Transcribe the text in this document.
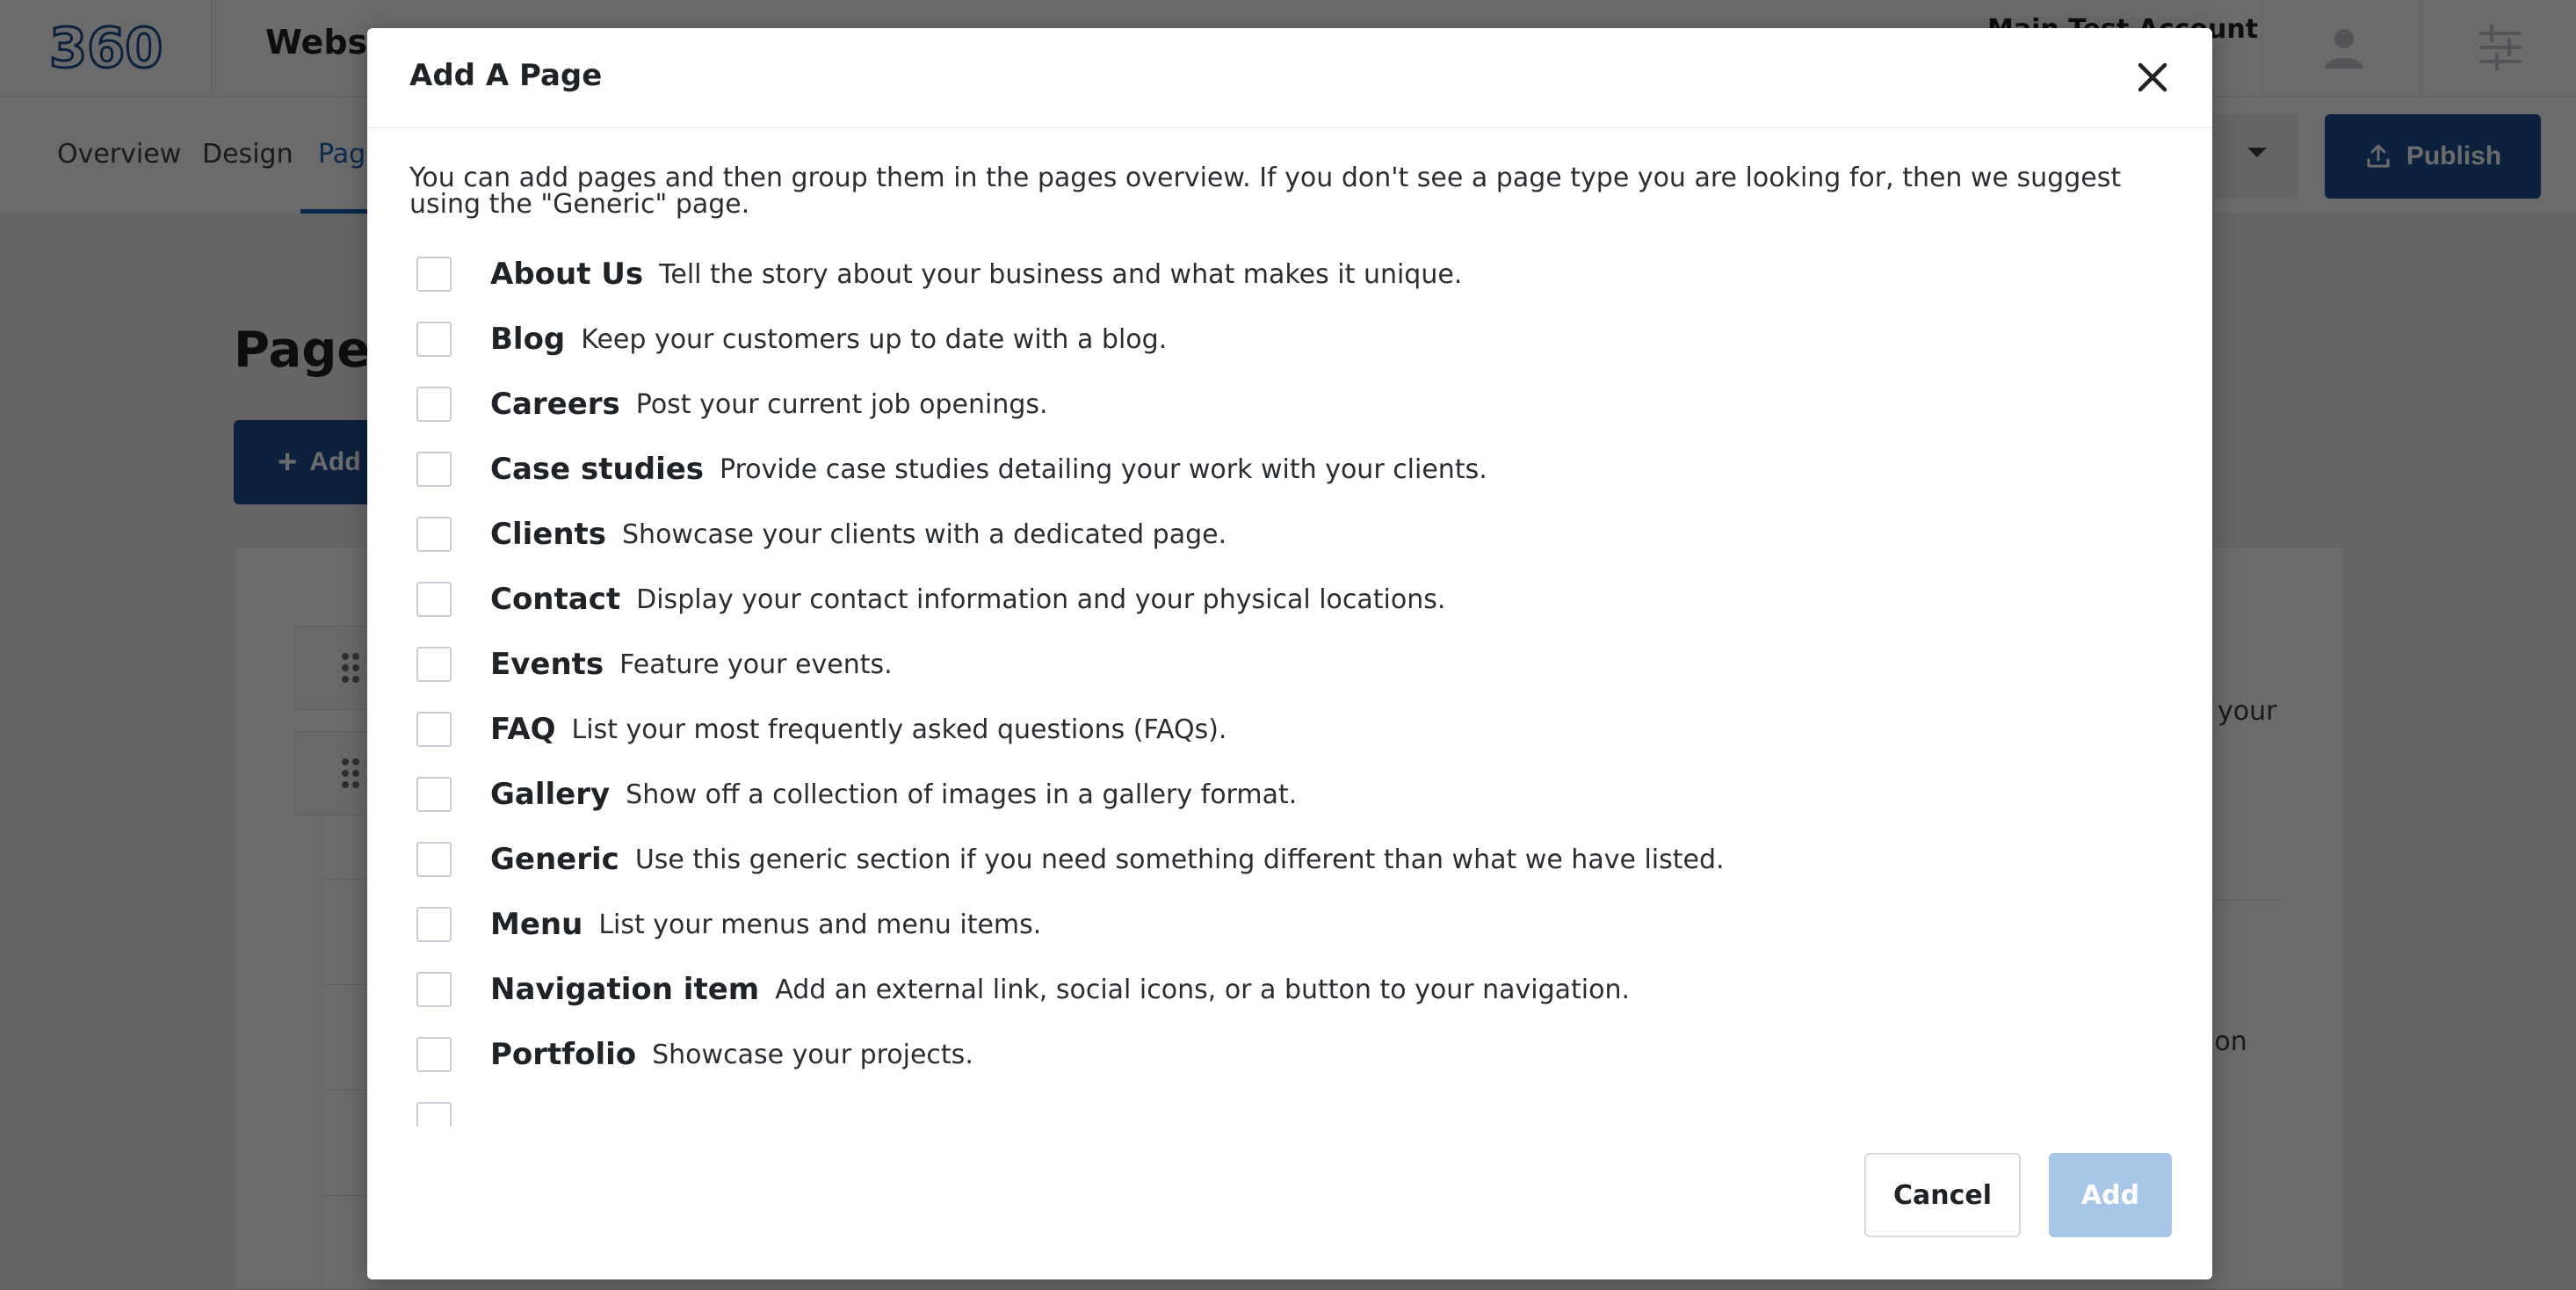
Add A Page
You can add pages and then group them in the pages overview. If you don't see a page type you are looking for, then we suggest using the "Generic" page.
About Us Tell the story about your business and what makes it unique.
Blog Keep your customers up to date with a blog.
Careers Post your current job openings.
Case studies Provide case studies detailing your work with your clients.
Clients Showcase your clients with a dedicated page.
Contact Display your contact information and your physical locations.
Events Feature your events.
FAQ List your most frequently asked questions (FAQs).
Gallery Show off a collection of images in a gallery format.
Generic Use this generic section if you need something different than what we have listed.
Menu List your menus and menu items.
Navigation item Add an external link, social icons, or a button to your navigation.
Portfolio Showcase your projects.
Cancel	Add
